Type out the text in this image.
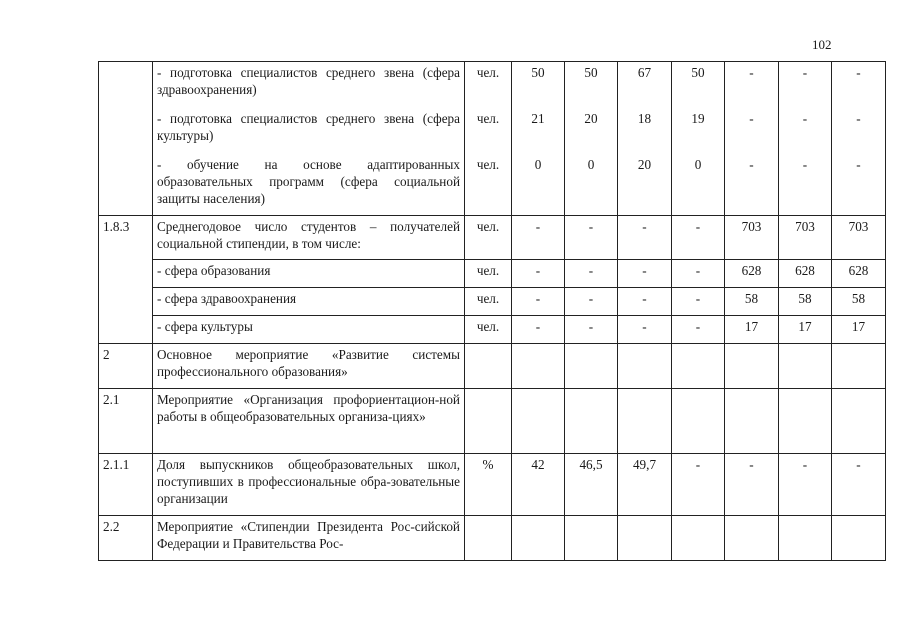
102
	- подготовка специалистов среднего звена (сфера здравоохранения)	чел.	50	50	67	50	-	-	-
	- подготовка специалистов среднего звена (сфера культуры)	чел.	21	20	18	19	-	-	-
	- обучение на основе адаптированных образовательных программ (сфера социальной защиты населения)	чел.	0	0	20	0	-	-	-
1.8.3	Среднегодовое число студентов – получателей социальной стипендии, в том числе:	чел.	-	-	-	-	703	703	703
	- сфера образования	чел.	-	-	-	-	628	628	628
	- сфера здравоохранения	чел.	-	-	-	-	58	58	58
	- сфера культуры	чел.	-	-	-	-	17	17	17
2	Основное мероприятие «Развитие системы профессионального образования»								
2.1	Мероприятие «Организация профориентацион-ной работы в общеобразовательных организа-циях»								
2.1.1	Доля выпускников общеобразовательных школ, поступивших в профессиональные обра-зовательные организации	%	42	46,5	49,7	-	-	-	-
2.2	Мероприятие «Стипендии Президента Рос-сийской Федерации и Правительства Рос-								
